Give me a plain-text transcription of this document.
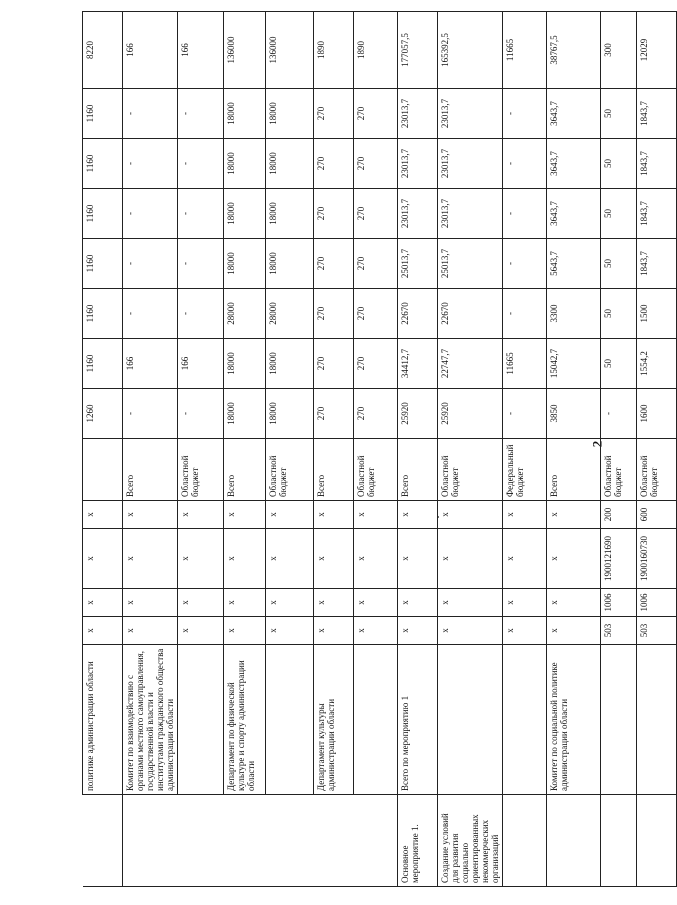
2
	политике администрации области	x	x	x	x		1260	1160	1160	1160	1160	1160	1160	8220
	Комитет по взаимодействию с органами местного самоуправления, государственной власти и институтами гражданского общества администрации области	x	x	x	x	Всего	-	166	-	-	-	-	-	166
		x	x	x	x	Областной бюджет	-	166	-	-	-	-	-	166
	Департамент по физической культуре и спорту администрации области	x	x	x	x	Всего	18000	18000	28000	18000	18000	18000	18000	136000
		x	x	x	x	Областной бюджет	18000	18000	28000	18000	18000	18000	18000	136000
	Департамент культуры администрации области	x	x	x	x	Всего	270	270	270	270	270	270	270	1890
		x	x	x	x	Областной бюджет	270	270	270	270	270	270	270	1890
Основное мероприятие 1.	Всего по мероприятию 1	x	x	x	x	Всего	25920	34412,7	22670	25013,7	23013,7	23013,7	23013,7	177057,5
Создание условий для развития социально ориентированных некоммерческих организаций		x	x	x	x	Областной бюджет	25920	22747,7	22670	25013,7	23013,7	23013,7	23013,7	165392,5
		x	x	x	x	Федеральный бюджет	-	11665	-	-	-	-	-	11665
	Комитет по социальной политике администрации области	x	x	x	x	Всего	3850	15042,7	3300	5643,7	3643,7	3643,7	3643,7	38767,5
		503	1006	1900121690	200	Областной бюджет	-	50	50	50	50	50	50	300
		503	1006	1900160730	600	Областной бюджет	1600	1554,2	1500	1843,7	1843,7	1843,7	1843,7	12029
